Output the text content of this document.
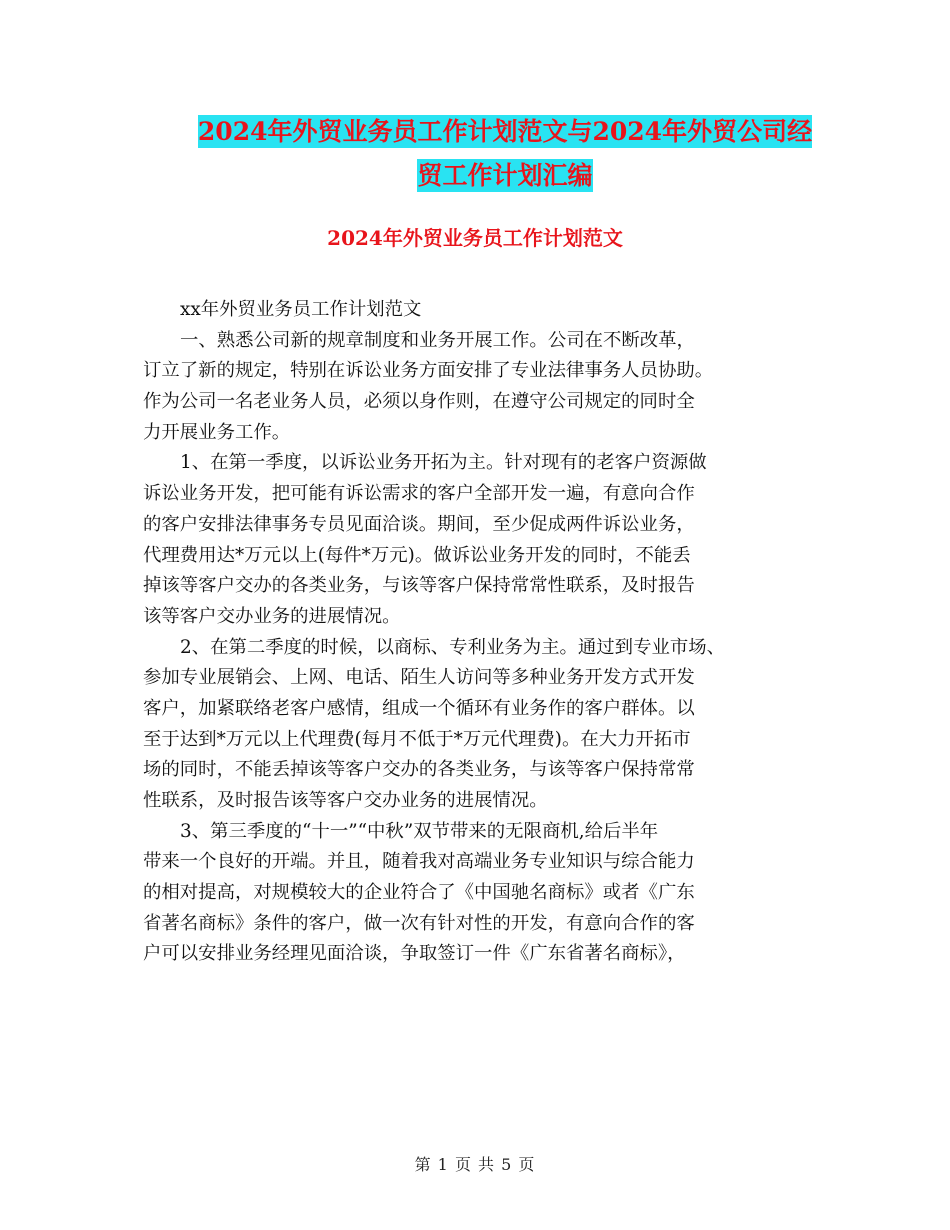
2024年外贸业务员工作计划范文与2024年外贸公司经
贸工作计划汇编
2024年外贸业务员工作计划范文
xx年外贸业务员工作计划范文
一、熟悉公司新的规章制度和业务开展工作。公司在不断改革，
订立了新的规定，特别在诉讼业务方面安排了专业法律事务人员协助。
作为公司一名老业务人员，必须以身作则，在遵守公司规定的同时全
力开展业务工作。
1、在第一季度，以诉讼业务开拓为主。针对现有的老客户资源做
诉讼业务开发，把可能有诉讼需求的客户全部开发一遍，有意向合作
的客户安排法律事务专员见面洽谈。期间，至少促成两件诉讼业务，
代理费用达*万元以上(每件*万元)。做诉讼业务开发的同时，不能丢
掉该等客户交办的各类业务，与该等客户保持常常性联系，及时报告
该等客户交办业务的进展情况。
2、在第二季度的时候，以商标、专利业务为主。通过到专业市场、
参加专业展销会、上网、电话、陌生人访问等多种业务开发方式开发
客户，加紧联络老客户感情，组成一个循环有业务作的客户群体。以
至于达到*万元以上代理费(每月不低于*万元代理费)。在大力开拓市
场的同时，不能丢掉该等客户交办的各类业务，与该等客户保持常常
性联系，及时报告该等客户交办业务的进展情况。
3、第三季度的“十一”“中秋”双节带来的无限商机,给后半年
带来一个良好的开端。并且，随着我对高端业务专业知识与综合能力
的相对提高，对规模较大的企业符合了《中国驰名商标》或者《广东
省著名商标》条件的客户，做一次有针对性的开发，有意向合作的客
户可以安排业务经理见面洽谈，争取签订一件《广东省著名商标》，
第 1 页 共 5 页
